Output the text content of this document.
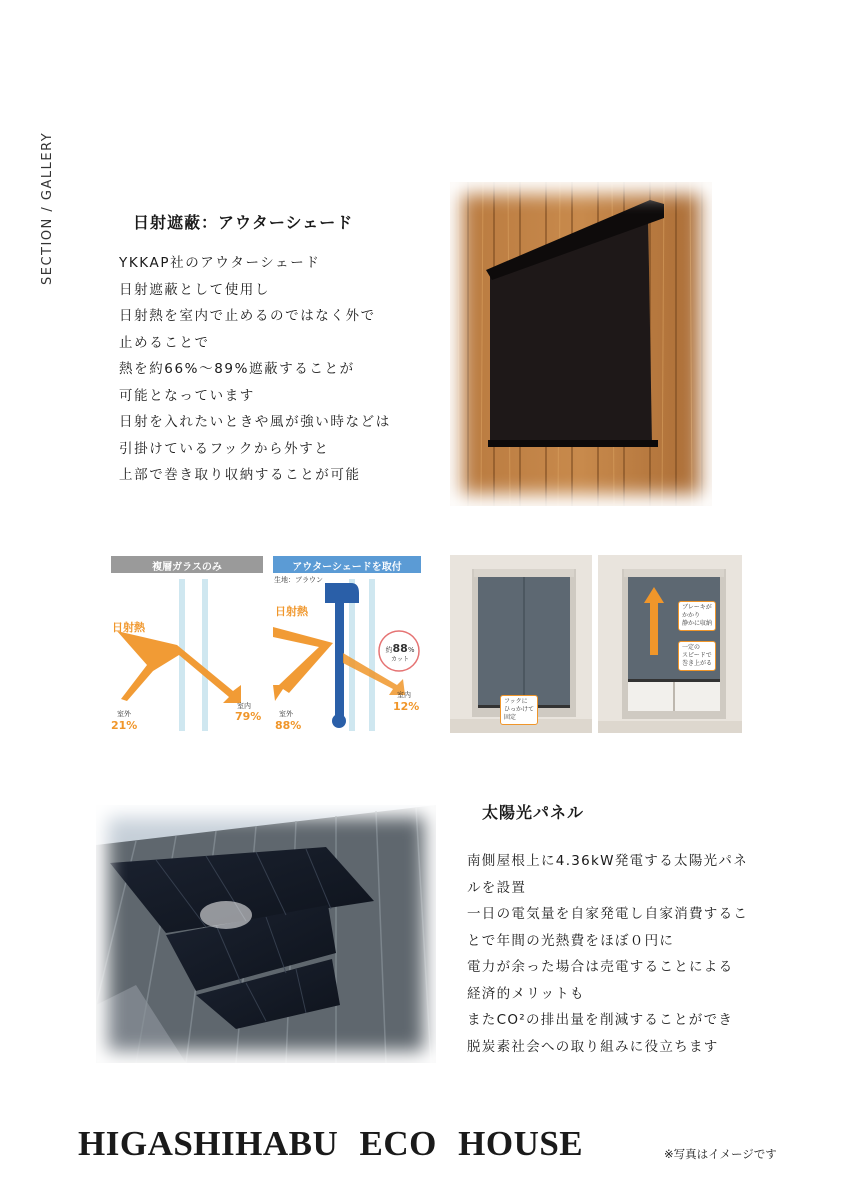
SECTION / GALLERY	日射遮蔽：アウターシェード
YKKAP社のアウターシェード
日射遮蔽として使用し
日射熱を室内で止めるのではなく外で
止めることで
熱を約66%〜89%遮蔽することが
可能となっています
日射を入れたいときや風が強い時などは
引掛けているフックから外すと
上部で巻き取り収納することが可能
複層ガラスのみ	アウターシェードを取付
生地：ブラウン
日射熱
日射熱
室外
21%
室内
79%	室外
88%
室内
12%
約88%
カット
フックに
ひっかけて
固定
ブレーキが
かかり
静かに収納
一定の
スピードで
巻き上がる
太陽光パネル
南側屋根上に4.36kW発電する太陽光パネ
ルを設置
一日の電気量を自家発電し自家消費するこ
とで年間の光熱費をほぼ０円に
電力が余った場合は売電することによる
経済的メリットも
またCO²の排出量を削減することができ
脱炭素社会への取り組みに役立ちます
HIGASHIHABU ECO HOUSE	※写真はイメージです
